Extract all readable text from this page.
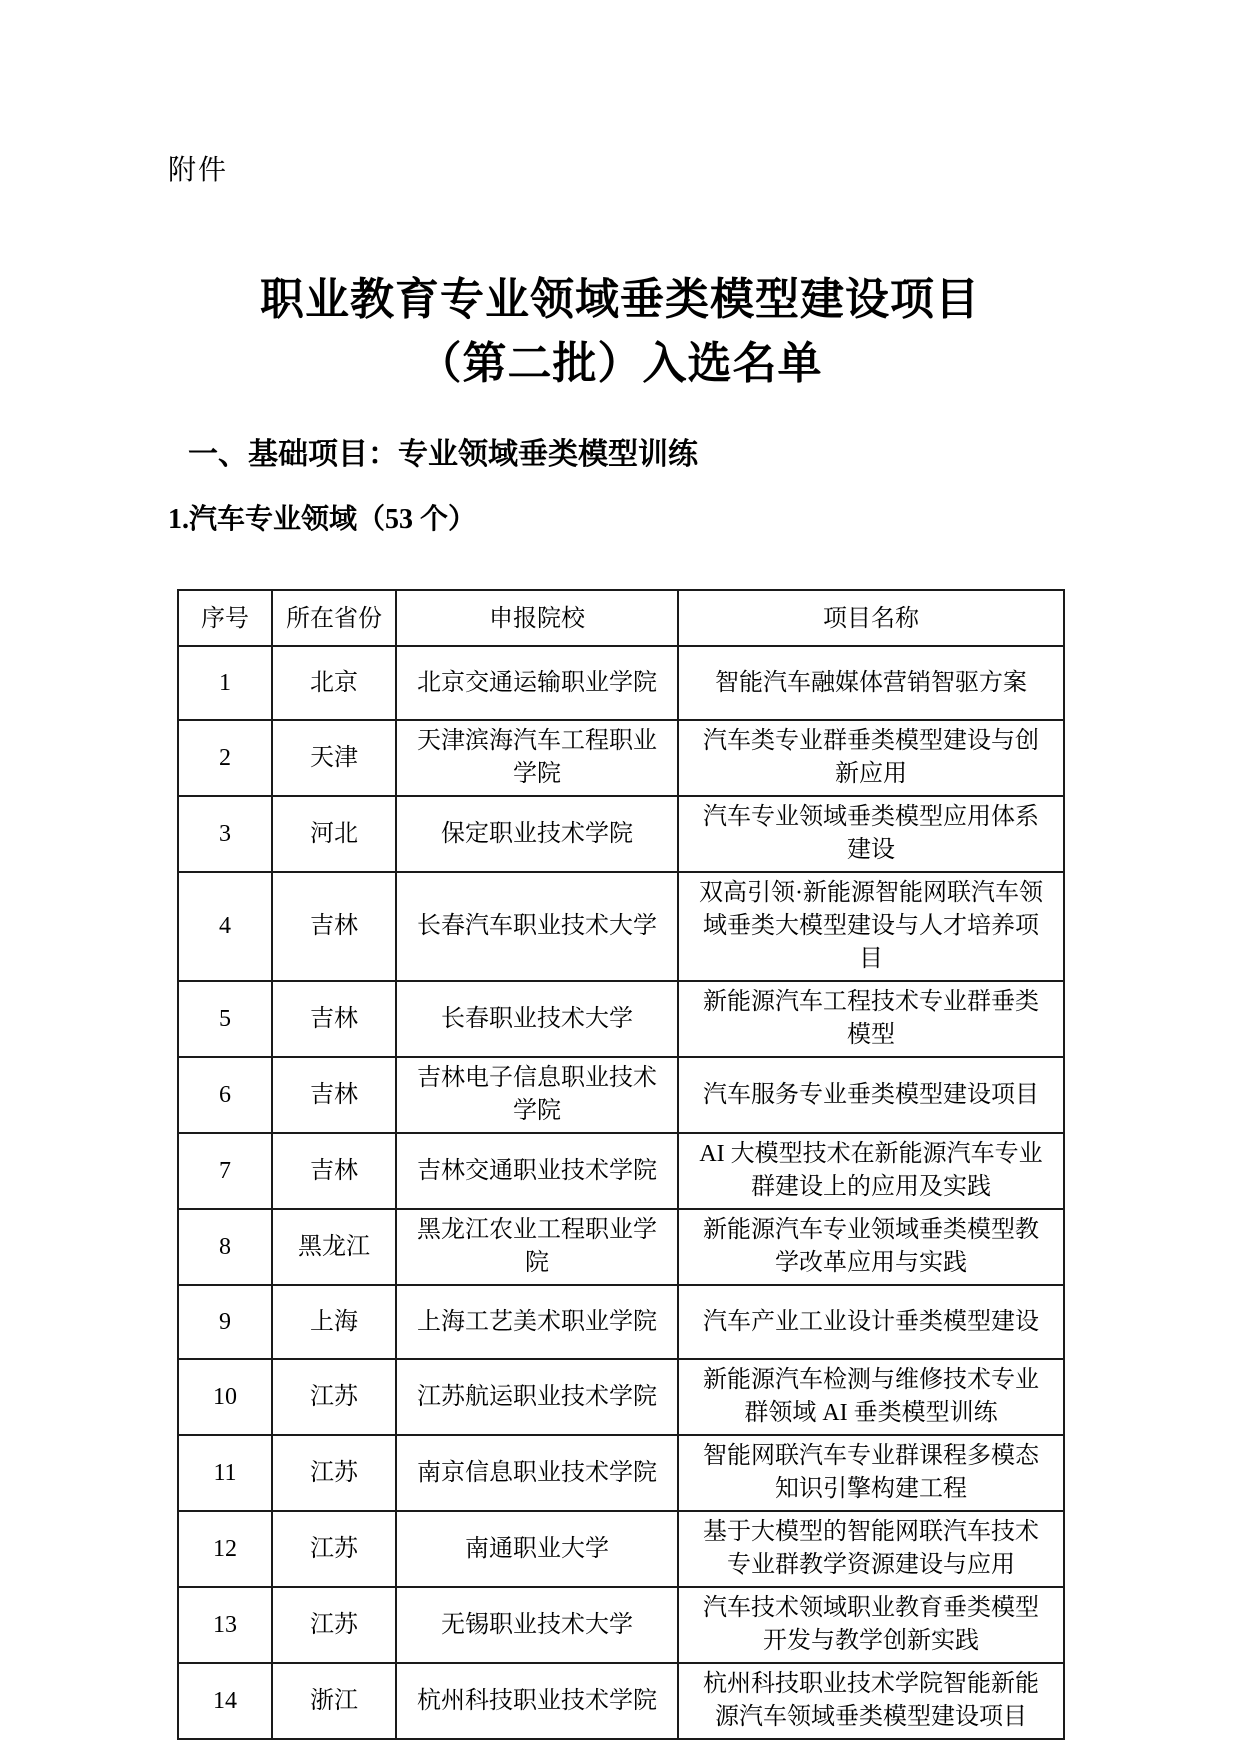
附件
职业教育专业领域垂类模型建设项目
（第二批）入选名单
一、基础项目：专业领域垂类模型训练
1.汽车专业领域（53 个）
序号	所在省份	申报院校	项目名称
1	北京	北京交通运输职业学院	智能汽车融媒体营销智驱方案
2	天津	天津滨海汽车工程职业学院	汽车类专业群垂类模型建设与创新应用
3	河北	保定职业技术学院	汽车专业领域垂类模型应用体系建设
4	吉林	长春汽车职业技术大学	双高引领·新能源智能网联汽车领域垂类大模型建设与人才培养项目
5	吉林	长春职业技术大学	新能源汽车工程技术专业群垂类模型
6	吉林	吉林电子信息职业技术学院	汽车服务专业垂类模型建设项目
7	吉林	吉林交通职业技术学院	AI 大模型技术在新能源汽车专业群建设上的应用及实践
8	黑龙江	黑龙江农业工程职业学院	新能源汽车专业领域垂类模型教学改革应用与实践
9	上海	上海工艺美术职业学院	汽车产业工业设计垂类模型建设
10	江苏	江苏航运职业技术学院	新能源汽车检测与维修技术专业群领域 AI 垂类模型训练
11	江苏	南京信息职业技术学院	智能网联汽车专业群课程多模态知识引擎构建工程
12	江苏	南通职业大学	基于大模型的智能网联汽车技术专业群教学资源建设与应用
13	江苏	无锡职业技术大学	汽车技术领域职业教育垂类模型开发与教学创新实践
14	浙江	杭州科技职业技术学院	杭州科技职业技术学院智能新能源汽车领域垂类模型建设项目
